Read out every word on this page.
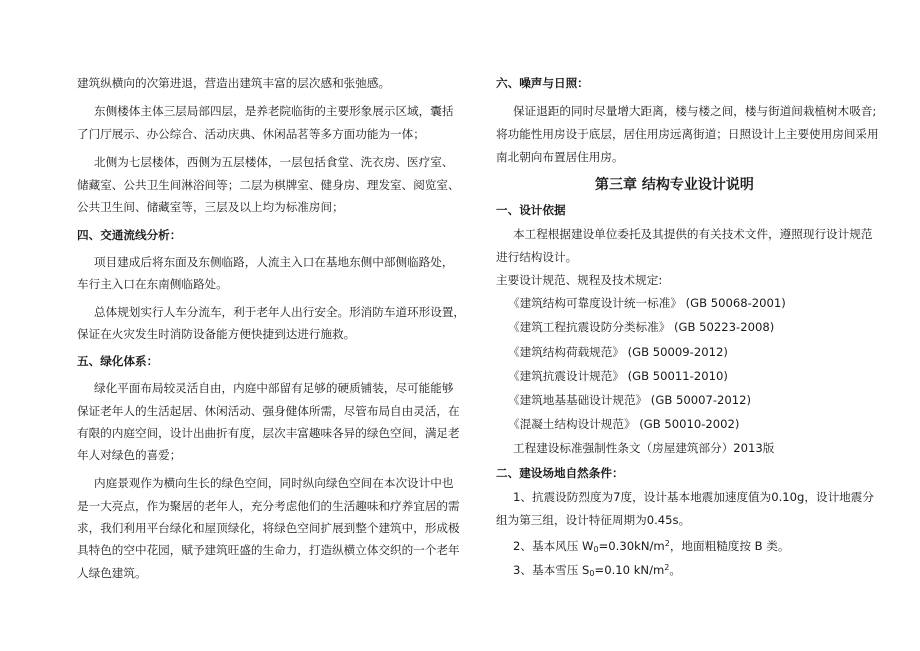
建筑纵横向的次第进退，营造出建筑丰富的层次感和张弛感。
东侧楼体主体三层局部四层，是养老院临街的主要形象展示区域，囊括
了门厅展示、办公综合、活动庆典、休闲品茗等多方面功能为一体；
北侧为七层楼体，西侧为五层楼体，一层包括食堂、洗衣房、医疗室、
储藏室、公共卫生间淋浴间等；二层为棋牌室、健身房、理发室、阅览室、
公共卫生间、储藏室等，三层及以上均为标准房间；
四、交通流线分析：
项目建成后将东面及东侧临路，人流主入口在基地东侧中部侧临路处，
车行主入口在东南侧临路处。
总体规划实行人车分流车，利于老年人出行安全。形消防车道环形设置，
保证在火灾发生时消防设备能方便快捷到达进行施救。
五、绿化体系：
绿化平面布局较灵活自由，内庭中部留有足够的硬质铺装，尽可能能够
保证老年人的生活起居、休闲活动、强身健体所需，尽管布局自由灵活，在
有限的内庭空间，设计出曲折有度，层次丰富趣味各异的绿色空间，满足老
年人对绿色的喜爱；
内庭景观作为横向生长的绿色空间，同时纵向绿色空间在本次设计中也
是一大亮点，作为聚居的老年人，充分考虑他们的生活趣味和疗养宜居的需
求，我们利用平台绿化和屋顶绿化，将绿色空间扩展到整个建筑中，形成极
具特色的空中花园，赋予建筑旺盛的生命力，打造纵横立体交织的一个老年
人绿色建筑。
六、噪声与日照：
保证退距的同时尽量增大距离，楼与楼之间，楼与街道间栽植树木吸音;
将功能性用房设于底层，居住用房远离街道；日照设计上主要使用房间采用
南北朝向布置居住用房。
第三章 结构专业设计说明
一、设计依据
本工程根据建设单位委托及其提供的有关技术文件，遵照现行设计规范
进行结构设计。
主要设计规范、规程及技术规定:
《建筑结构可靠度设计统一标准》 (GB 50068-2001)
《建筑工程抗震设防分类标准》 (GB 50223-2008)
《建筑结构荷载规范》 (GB 50009-2012)
《建筑抗震设计规范》 (GB 50011-2010)
《建筑地基基础设计规范》 (GB 50007-2012)
《混凝土结构设计规范》 (GB 50010-2002)
工程建设标准强制性条文（房屋建筑部分）2013版
二、建设场地自然条件：
1、抗震设防烈度为7度，设计基本地震加速度值为0.10g，设计地震分
组为第三组，设计特征周期为0.45s。
2、基本风压 $W_0=0.30kN/m^2$，地面粗糙度按 B 类。
3、基本雪压 $S_0=0.10$ $kN/m^2$。
